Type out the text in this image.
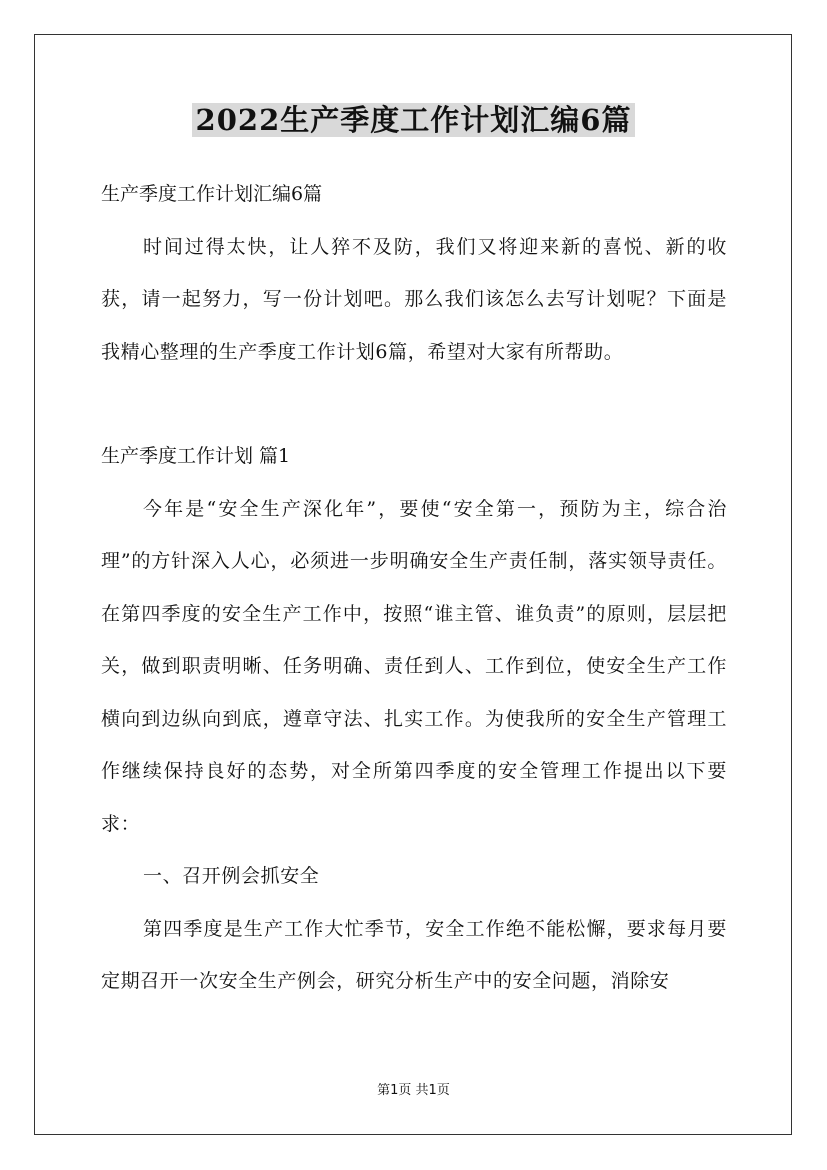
2022生产季度工作计划汇编6篇

生产季度工作计划汇编6篇

时间过得太快，让人猝不及防，我们又将迎来新的喜悦、新的收获，请一起努力，写一份计划吧。那么我们该怎么去写计划呢？下面是我精心整理的生产季度工作计划6篇，希望对大家有所帮助。

生产季度工作计划 篇1

今年是“安全生产深化年”，要使“安全第一，预防为主，综合治理”的方针深入人心，必须进一步明确安全生产责任制，落实领导责任。在第四季度的安全生产工作中，按照“谁主管、谁负责”的原则，层层把关，做到职责明晰、任务明确、责任到人、工作到位，使安全生产工作横向到边纵向到底，遵章守法、扎实工作。为使我所的安全生产管理工作继续保持良好的态势，对全所第四季度的安全管理工作提出以下要求：

一、召开例会抓安全

第四季度是生产工作大忙季节，安全工作绝不能松懈，要求每月要定期召开一次安全生产例会，研究分析生产中的安全问题，消除安

第1页 共1页
